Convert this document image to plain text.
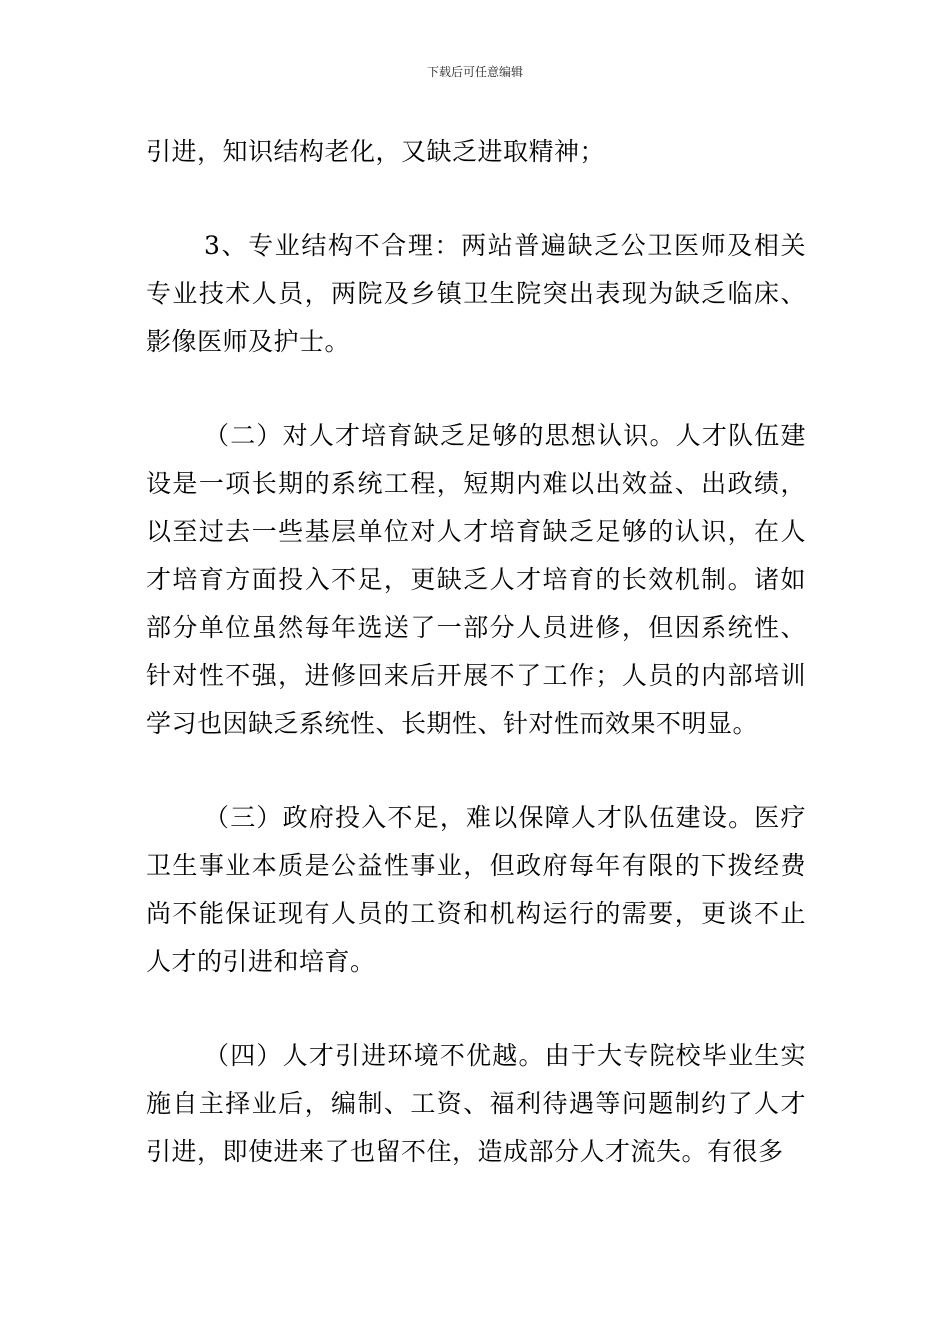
下载后可任意编辑

引进，知识结构老化，又缺乏进取精神；

3、专业结构不合理：两站普遍缺乏公卫医师及相关专业技术人员，两院及乡镇卫生院突出表现为缺乏临床、影像医师及护士。

（二）对人才培育缺乏足够的思想认识。人才队伍建设是一项长期的系统工程，短期内难以出效益、出政绩，以至过去一些基层单位对人才培育缺乏足够的认识，在人才培育方面投入不足，更缺乏人才培育的长效机制。诸如部分单位虽然每年选送了一部分人员进修，但因系统性、针对性不强，进修回来后开展不了工作；人员的内部培训学习也因缺乏系统性、长期性、针对性而效果不明显。

（三）政府投入不足，难以保障人才队伍建设。医疗卫生事业本质是公益性事业，但政府每年有限的下拨经费尚不能保证现有人员的工资和机构运行的需要，更谈不止人才的引进和培育。

（四）人才引进环境不优越。由于大专院校毕业生实施自主择业后，编制、工资、福利待遇等问题制约了人才引进，即使进来了也留不住，造成部分人才流失。有很多
